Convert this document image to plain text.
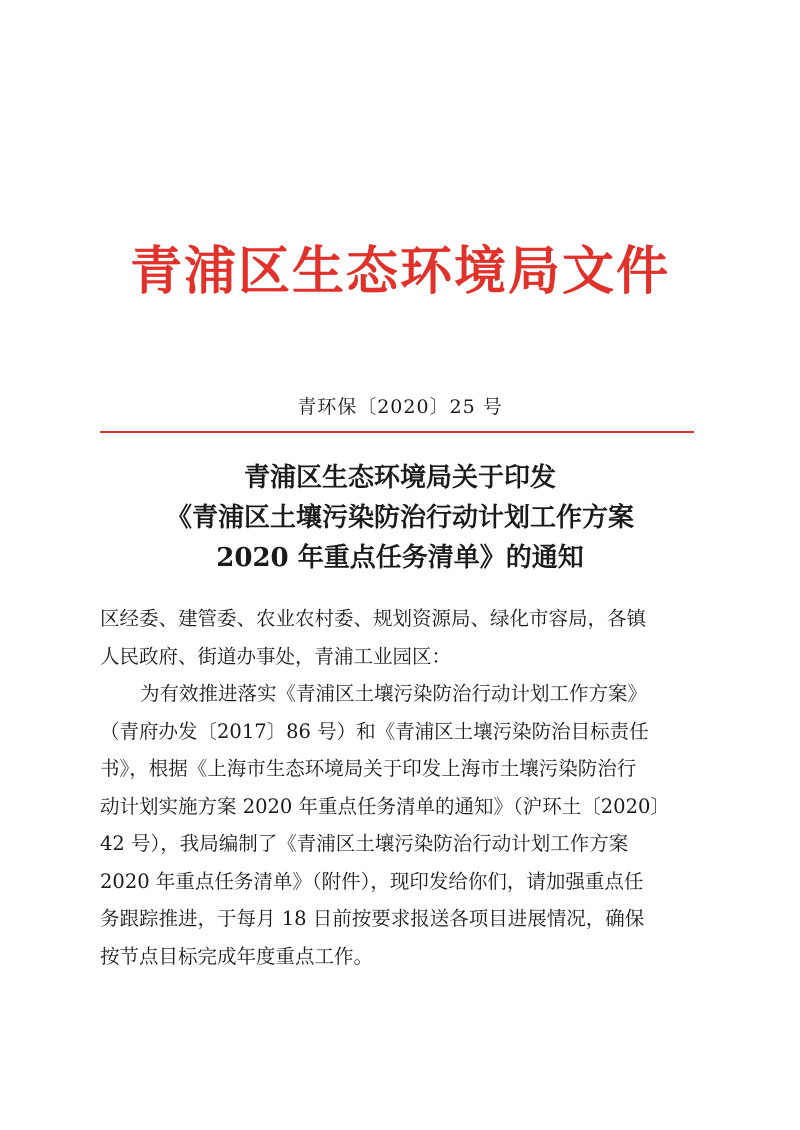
青浦区生态环境局文件
青环保〔2020〕25 号
青浦区生态环境局关于印发
《青浦区土壤污染防治行动计划工作方案
2020 年重点任务清单》的通知
区经委、建管委、农业农村委、规划资源局、绿化市容局，各镇
人民政府、街道办事处，青浦工业园区：
为有效推进落实《青浦区土壤污染防治行动计划工作方案》
（青府办发〔2017〕86 号）和《青浦区土壤污染防治目标责任
书》，根据《上海市生态环境局关于印发上海市土壤污染防治行
动计划实施方案 2020 年重点任务清单的通知》（沪环土〔2020〕
42 号），我局编制了《青浦区土壤污染防治行动计划工作方案
2020 年重点任务清单》（附件），现印发给你们，请加强重点任
务跟踪推进，于每月 18 日前按要求报送各项目进展情况，确保
按节点目标完成年度重点工作。
